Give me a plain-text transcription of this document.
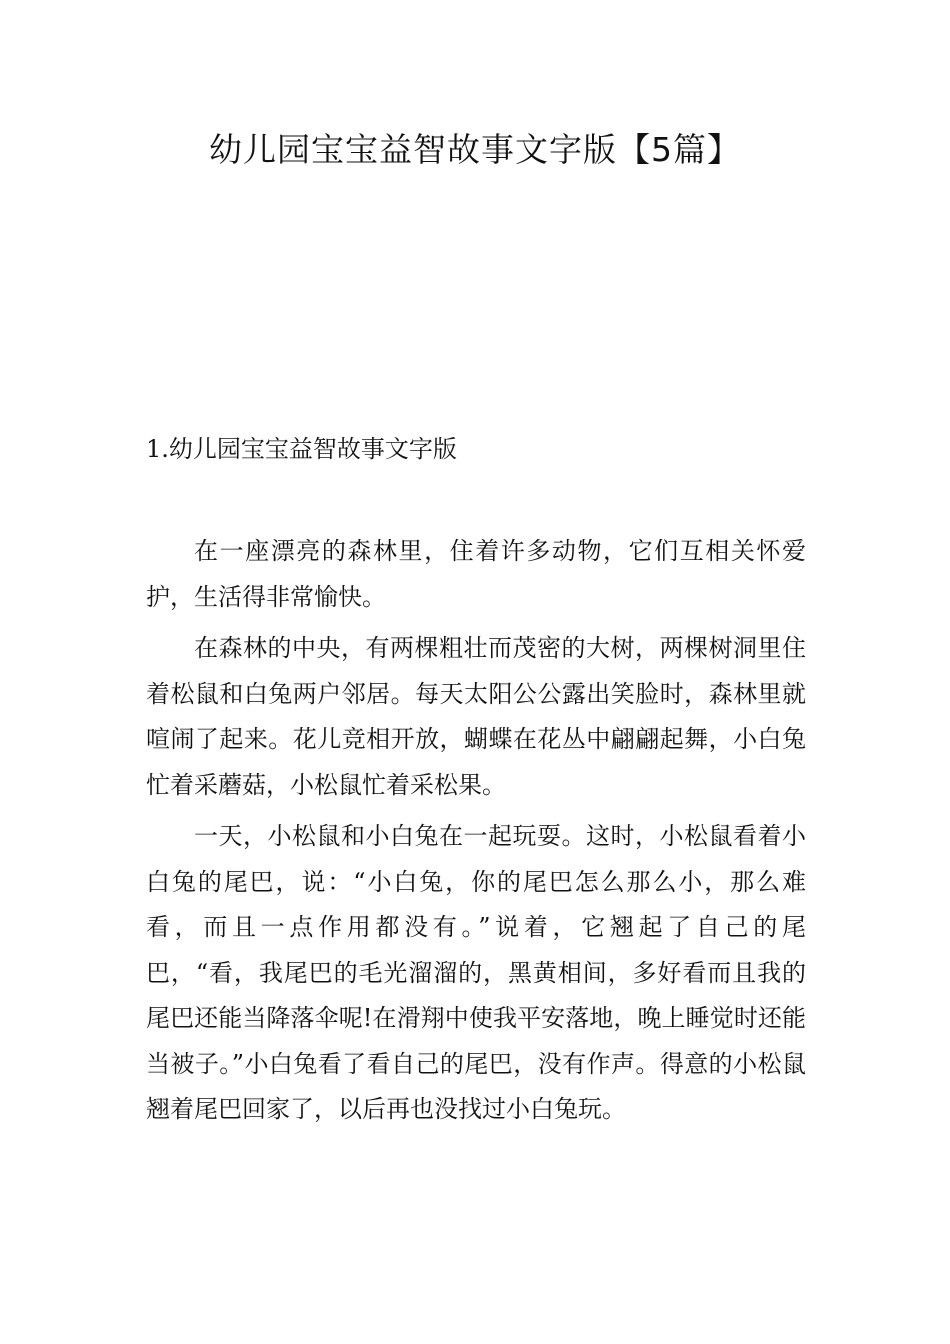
幼儿园宝宝益智故事文字版【5篇】
1.幼儿园宝宝益智故事文字版

在一座漂亮的森林里，住着许多动物，它们互相关怀爱护，生活得非常愉快。

在森林的中央，有两棵粗壮而茂密的大树，两棵树洞里住着松鼠和白兔两户邻居。每天太阳公公露出笑脸时，森林里就喧闹了起来。花儿竞相开放，蝴蝶在花丛中翩翩起舞，小白兔忙着采蘑菇，小松鼠忙着采松果。

一天，小松鼠和小白兔在一起玩耍。这时，小松鼠看着小白兔的尾巴，说：“小白兔，你的尾巴怎么那么小，那么难看，而且一点作用都没有。”说着，它翘起了自己的尾巴，“看，我尾巴的毛光溜溜的，黑黄相间，多好看而且我的尾巴还能当降落伞呢!在滑翔中使我平安落地，晚上睡觉时还能当被子。”小白兔看了看自己的尾巴，没有作声。得意的小松鼠翘着尾巴回家了，以后再也没找过小白兔玩。
